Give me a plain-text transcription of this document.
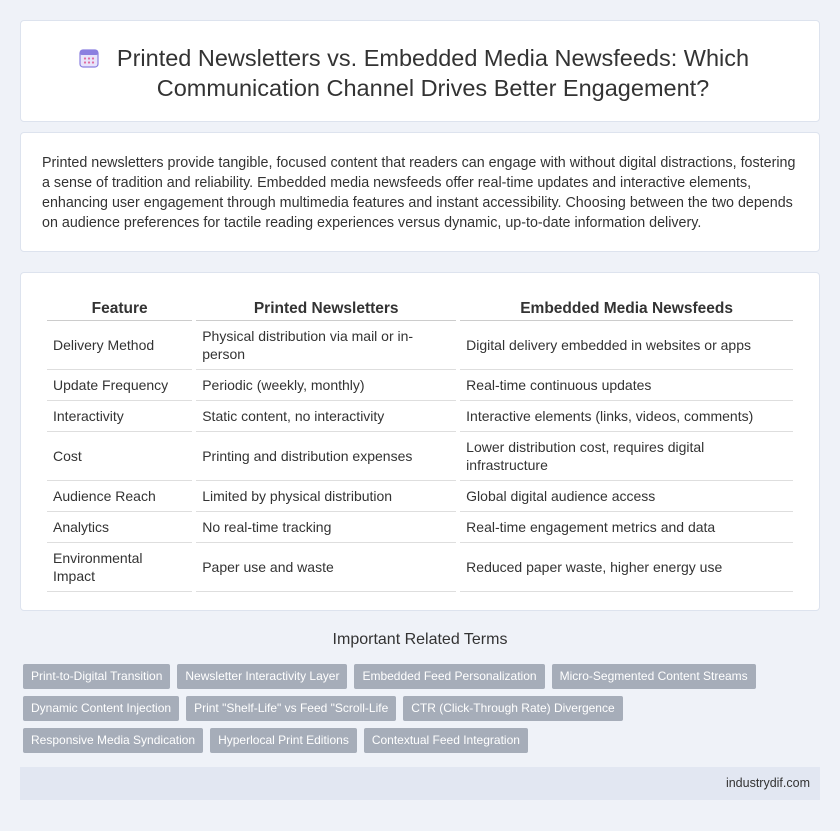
Printed Newsletters vs. Embedded Media Newsfeeds: Which Communication Channel Drives Better Engagement?

Printed newsletters provide tangible, focused content that readers can engage with without digital distractions, fostering a sense of tradition and reliability. Embedded media newsfeeds offer real-time updates and interactive elements, enhancing user engagement through multimedia features and instant accessibility. Choosing between the two depends on audience preferences for tactile reading experiences versus dynamic, up-to-date information delivery.

Feature	Printed Newsletters	Embedded Media Newsfeeds
Delivery Method	Physical distribution via mail or in-person	Digital delivery embedded in websites or apps
Update Frequency	Periodic (weekly, monthly)	Real-time continuous updates
Interactivity	Static content, no interactivity	Interactive elements (links, videos, comments)
Cost	Printing and distribution expenses	Lower distribution cost, requires digital infrastructure
Audience Reach	Limited by physical distribution	Global digital audience access
Analytics	No real-time tracking	Real-time engagement metrics and data
Environmental Impact	Paper use and waste	Reduced paper waste, higher energy use
Important Related Terms
Print-to-Digital Transition	Newsletter Interactivity Layer	Embedded Feed Personalization	Micro-Segmented Content Streams
Dynamic Content Injection	Print "Shelf-Life" vs Feed "Scroll-Life	CTR (Click-Through Rate) Divergence
Responsive Media Syndication	Hyperlocal Print Editions	Contextual Feed Integration
industrydif.com
